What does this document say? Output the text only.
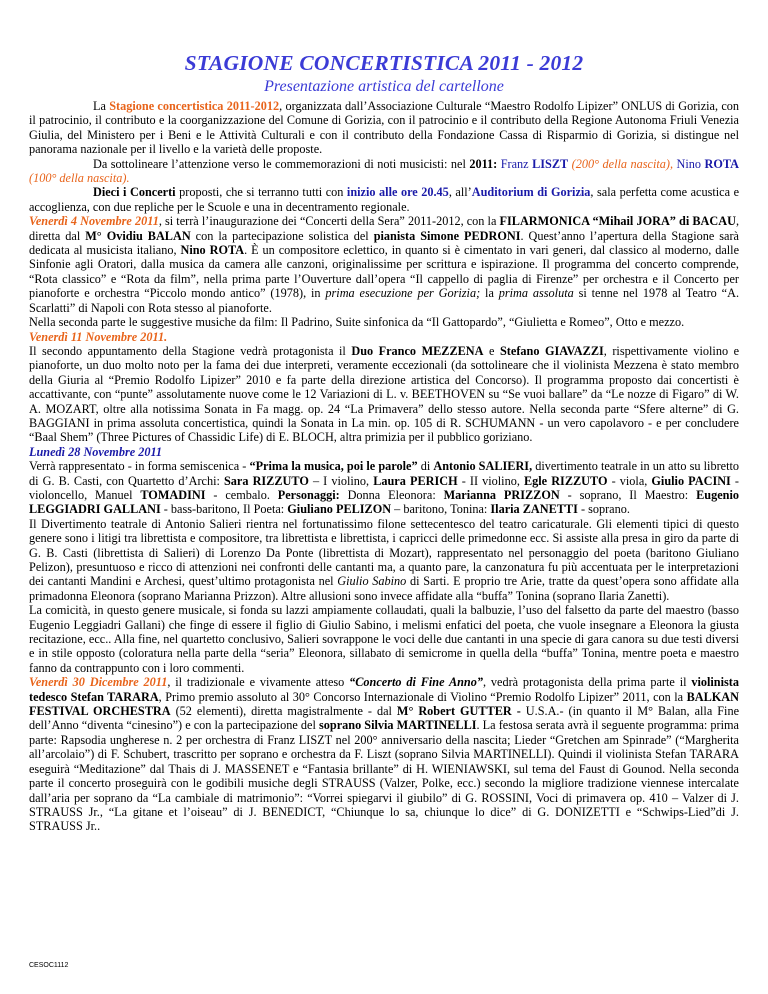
STAGIONE CONCERTISTICA 2011 - 2012
Presentazione artistica del cartellone

La Stagione concertistica 2011-2012, organizzata dall’Associazione Culturale “Maestro Rodolfo Lipizer” ONLUS di Gorizia, con il patrocinio, il contributo e la coorganizzazione del Comune di Gorizia, con il patrocinio e il contributo della Regione Autonoma Friuli Venezia Giulia, del Ministero per i Beni e le Attività Culturali e con il contributo della Fondazione Cassa di Risparmio di Gorizia, si distingue nel panorama nazionale per il livello e la varietà delle proposte.

Da sottolineare l’attenzione verso le commemorazioni di noti musicisti: nel 2011: Franz LISZT (200° della nascita), Nino ROTA (100° della nascita).

Dieci i Concerti proposti, che si terranno tutti con inizio alle ore 20.45, all’Auditorium di Gorizia, sala perfetta come acustica e accoglienza, con due repliche per le Scuole e una in decentramento regionale.

Venerdì 4 Novembre 2011, si terrà l’inaugurazione dei “Concerti della Sera” 2011-2012, con la FILARMONICA “Mihail JORA” di BACAU, diretta dal M° Ovidiu BALAN con la partecipazione solistica del pianista Simone PEDRONI. Quest’anno l’apertura della Stagione sarà dedicata al musicista italiano, Nino ROTA. È un compositore eclettico, in quanto si è cimentato in vari generi, dal classico al moderno, dalle Sinfonie agli Oratori, dalla musica da camera alle canzoni, originalissime per scrittura e ispirazione. Il programma del concerto comprende, “Rota classico” e “Rota da film”, nella prima parte l’Ouverture dall’opera “Il cappello di paglia di Firenze” per orchestra e il Concerto per pianoforte e orchestra “Piccolo mondo antico” (1978), in prima esecuzione per Gorizia; la prima assoluta si tenne nel 1978 al Teatro “A. Scarlatti” di Napoli con Rota stesso al pianoforte.

Nella seconda parte le suggestive musiche da film: Il Padrino, Suite sinfonica da “Il Gattopardo”, “Giulietta e Romeo”, Otto e mezzo.

Venerdì 11 Novembre 2011.

Il secondo appuntamento della Stagione vedrà protagonista il Duo Franco MEZZENA e Stefano GIAVAZZI, rispettivamente violino e pianoforte, un duo molto noto per la fama dei due interpreti, veramente eccezionali (da sottolineare che il violinista Mezzena è stato membro della Giuria al “Premio Rodolfo Lipizer” 2010 e fa parte della direzione artistica del Concorso). Il programma proposto dai concertisti è accattivante, con “punte” assolutamente nuove come le 12 Variazioni di L. v. BEETHOVEN su “Se vuoi ballare” da “Le nozze di Figaro” di W. A. MOZART, oltre alla notissima Sonata in Fa magg. op. 24 “La Primavera” dello stesso autore. Nella seconda parte “Sfere alterne” di G. BAGGIANI in prima assoluta concertistica, quindi la Sonata in La min. op. 105 di R. SCHUMANN - un vero capolavoro - e per concludere “Baal Shem” (Three Pictures of Chassidic Life) di E. BLOCH, altra primizia per il pubblico goriziano.

Lunedì 28 Novembre 2011

Verrà rappresentato - in forma semiscenica - “Prima la musica, poi le parole” di Antonio SALIERI, divertimento teatrale in un atto su libretto di G. B. Casti, con Quartetto d’Archi: Sara RIZZUTO – I violino, Laura PERICH - II violino, Egle RIZZUTO - viola, Giulio PACINI - violoncello, Manuel TOMADINI - cembalo. Personaggi: Donna Eleonora: Marianna PRIZZON - soprano, Il Maestro: Eugenio LEGGIADRI GALLANI - bass-baritono, Il Poeta: Giuliano PELIZON – baritono, Tonina: Ilaria ZANETTI - soprano.

Il Divertimento teatrale di Antonio Salieri rientra nel fortunatissimo filone settecentesco del teatro caricaturale. Gli elementi tipici di questo genere sono i litigi tra librettista e compositore, tra librettista e librettista, i capricci delle primedonne ecc. Si assiste alla presa in giro da parte di G. B. Casti (librettista di Salieri) di Lorenzo Da Ponte (librettista di Mozart), rappresentato nel personaggio del poeta (baritono Giuliano Pelizon), presuntuoso e ricco di attenzioni nei confronti delle cantanti ma, a quanto pare, la canzonatura fu più accentuata per le interpretazioni dei cantanti Mandini e Archesi, quest’ultimo protagonista nel Giulio Sabino di Sarti. E proprio tre Arie, tratte da quest’opera sono affidate alla primadonna Eleonora (soprano Marianna Prizzon). Altre allusioni sono invece affidate alla “buffa” Tonina (soprano Ilaria Zanetti).

La comicità, in questo genere musicale, si fonda su lazzi ampiamente collaudati, quali la balbuzie, l’uso del falsetto da parte del maestro (basso Eugenio Leggiadri Gallani) che finge di essere il figlio di Giulio Sabino, i melismi enfatici del poeta, che vuole insegnare a Eleonora la giusta recitazione, ecc.. Alla fine, nel quartetto conclusivo, Salieri sovrappone le voci delle due cantanti in una specie di gara canora su due testi diversi e in stile opposto (coloratura nella parte della “seria” Eleonora, sillabato di semicrome in quella della “buffa” Tonina, mentre poeta e maestro fanno da contrappunto con i loro commenti.

Venerdì 30 Dicembre 2011, il tradizionale e vivamente atteso “Concerto di Fine Anno”, vedrà protagonista della prima parte il violinista tedesco Stefan TARARA, Primo premio assoluto al 30° Concorso Internazionale di Violino “Premio Rodolfo Lipizer” 2011, con la BALKAN FESTIVAL ORCHESTRA (52 elementi), diretta magistralmente - dal M° Robert GUTTER - U.S.A.- (in quanto il M° Balan, alla Fine dell’Anno “diventa “cinesino”) e con la partecipazione del soprano Silvia MARTINELLI. La festosa serata avrà il seguente programma: prima parte: Rapsodia ungherese n. 2 per orchestra di Franz LISZT nel 200° anniversario della nascita; Lieder “Gretchen am Spinrade” (“Margherita all’arcolaio”) di F. Schubert, trascritto per soprano e orchestra da F. Liszt (soprano Silvia MARTINELLI). Quindi il violinista Stefan TARARA eseguirà “Meditazione” dal Thais di J. MASSENET e “Fantasia brillante” di H. WIENIAWSKI, sul tema del Faust di Gounod. Nella seconda parte il concerto proseguirà con le godibili musiche degli STRAUSS (Valzer, Polke, ecc.) secondo la migliore tradizione viennese intercalate dall’aria per soprano da “La cambiale di matrimonio”: “Vorrei spiegarvi il giubilo” di G. ROSSINI, Voci di primavera op. 410 – Valzer di J. STRAUSS Jr., “La gitane et l’oiseau” di J. BENEDICT, “Chiunque lo sa, chiunque lo dice” di G. DONIZETTI e “Schwips-Lied”di J. STRAUSS Jr..

CESOC1112
